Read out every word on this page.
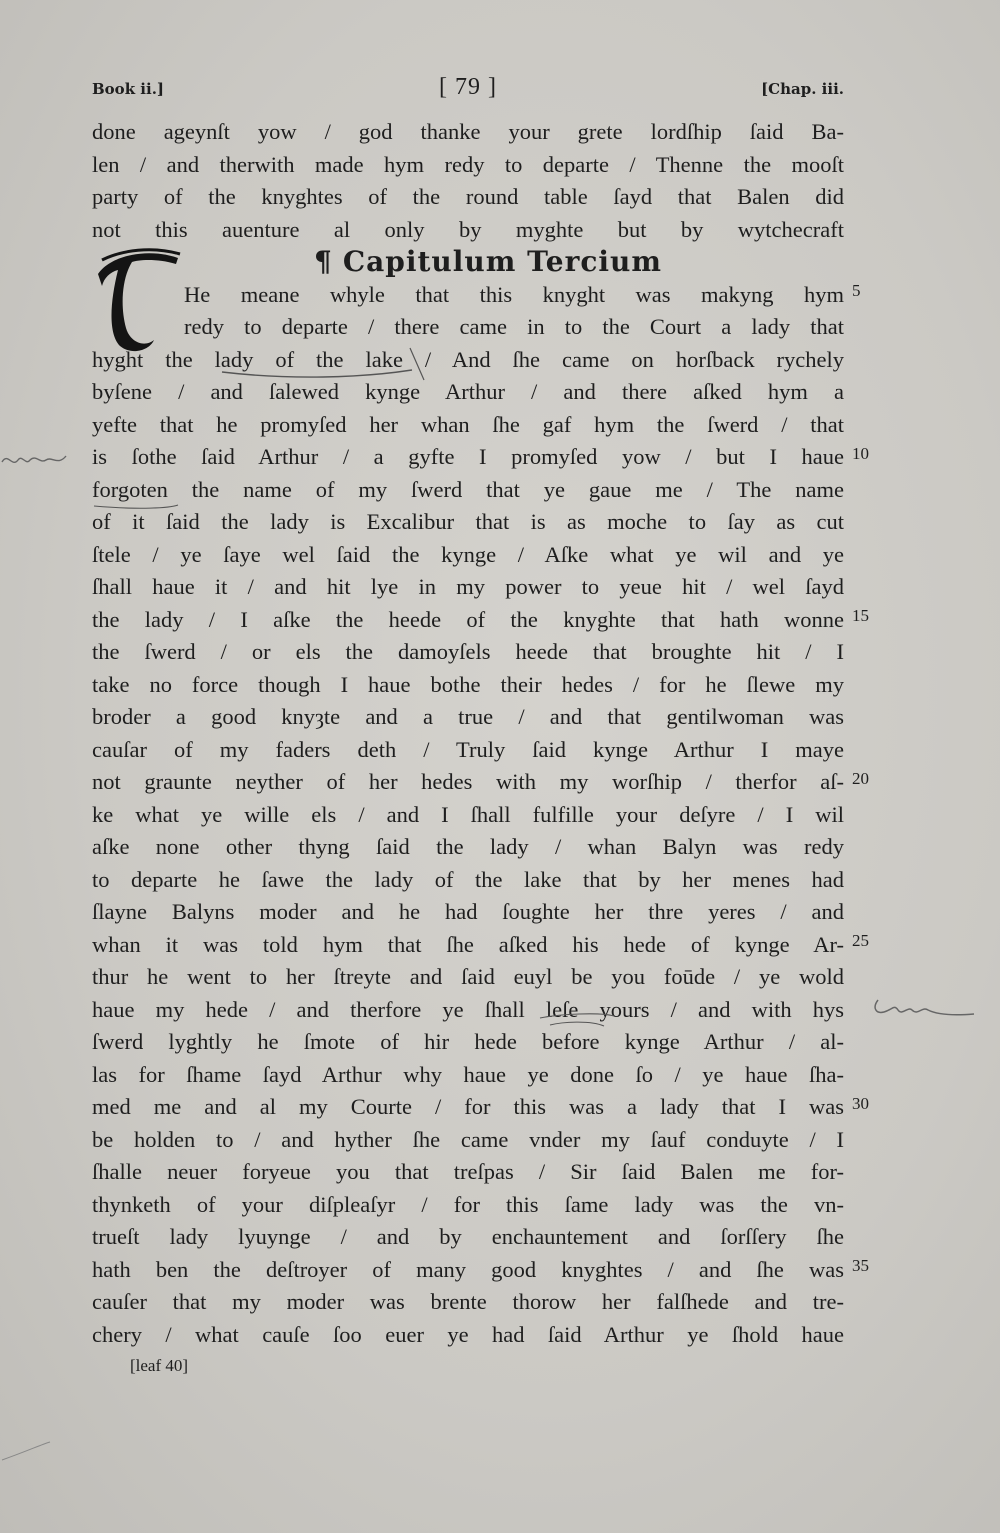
Book ii.]	[ 79 ]	[Chap. iii.
done ageynſt yow / god thanke your grete lordſhip ſaid Ba-
len / and therwith made hym redy to departe / Thenne the mooſt
party of the knyghtes of the round table ſayd that Balen did
not this auenture al only by myghte but by wytchecraft
¶ Capitulum Tercium
He meane whyle that this knyght was makyng hym
redy to departe / there came in to the Court a lady that
hyght the lady of the lake / And ſhe came on horſback rychely
byſene / and ſalewed kynge Arthur / and there aſked hym a
yefte that he promyſed her whan ſhe gaf hym the ſwerd / that
is ſothe ſaid Arthur / a gyfte I promyſed yow / but I haue
forgoten the name of my ſwerd that ye gaue me / The name
of it ſaid the lady is Excalibur that is as moche to ſay as cut
ſtele / ye ſaye wel ſaid the kynge / Aſke what ye wil and ye
ſhall haue it / and hit lye in my power to yeue hit / wel ſayd
the lady / I aſke the heede of the knyghte that hath wonne
the ſwerd / or els the damoyſels heede that broughte hit / I
take no force though I haue bothe their hedes / for he ſlewe my
broder a good knyȝte and a true / and that gentilwoman was
cauſar of my faders deth / Truly ſaid kynge Arthur I maye
not graunte neyther of her hedes with my worſhip / therfor aſ-
ke what ye wille els / and I ſhall fulfille your deſyre / I wil
aſke none other thyng ſaid the lady / whan Balyn was redy
to departe he ſawe the lady of the lake that by her menes had
ſlayne Balyns moder and he had ſoughte her thre yeres / and
whan it was told hym that ſhe aſked his hede of kynge Ar-
thur he went to her ſtreyte and ſaid euyl be you foūde / ye wold
haue my hede / and therfore ye ſhall leſe yours / and with hys
ſwerd lyghtly he ſmote of hir hede before kynge Arthur / al-
las for ſhame ſayd Arthur why haue ye done ſo / ye haue ſha-
med me and al my Courte / for this was a lady that I was
be holden to / and hyther ſhe came vnder my ſauf conduyte / I
ſhalle neuer foryeue you that treſpas / Sir ſaid Balen me for-
thynketh of your diſpleaſyr / for this ſame lady was the vn-
trueſt lady lyuynge / and by enchauntement and ſorſſery ſhe
hath ben the deſtroyer of many good knyghtes / and ſhe was
cauſer that my moder was brente thorow her falſhede and tre-
chery / what cauſe ſoo euer ye had ſaid Arthur ye ſhold haue
5
10
15
20
25
30
35
[leaf 40]
